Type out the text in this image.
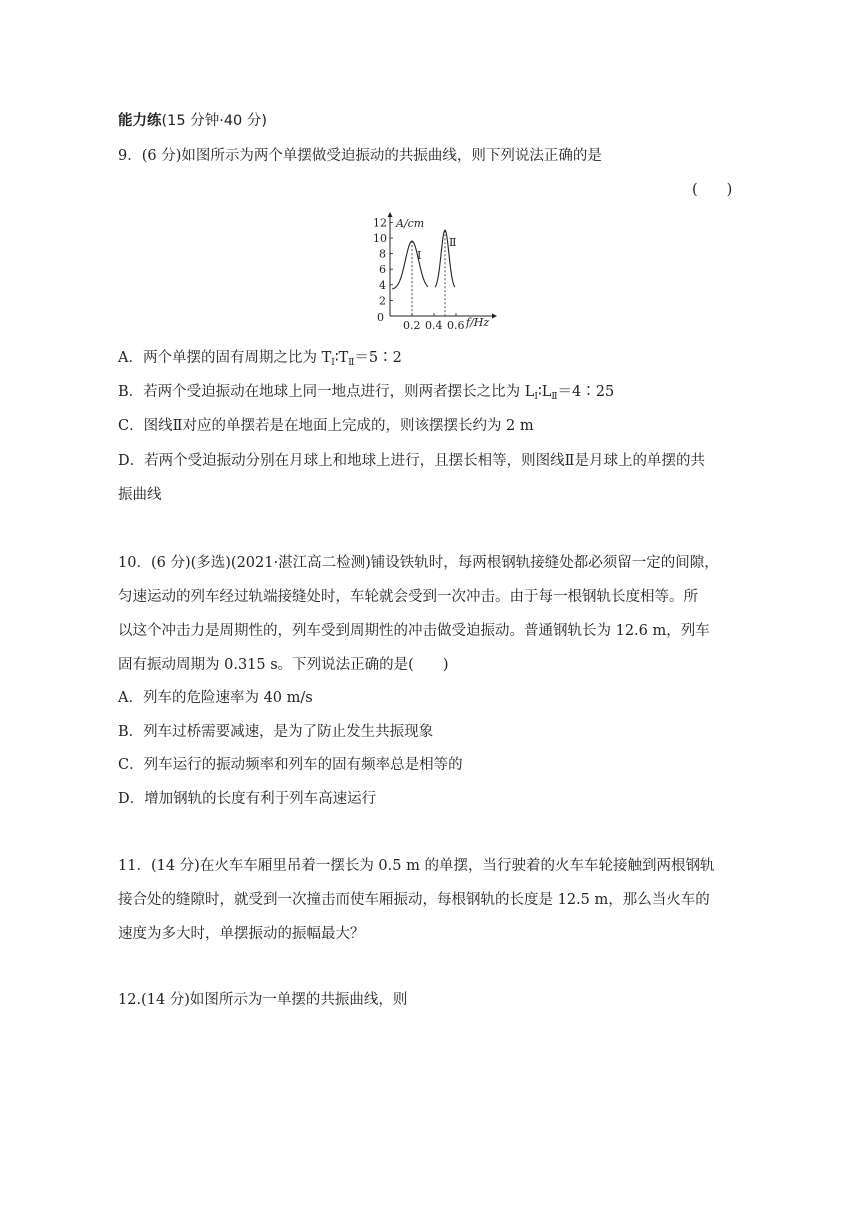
能力练(15 分钟·40 分)
9．(6 分)如图所示为两个单摆做受迫振动的共振曲线，则下列说法正确的是
(　　)
2
4
6
8
10
12
0.2 0.4 0.6
A/cm
f/Hz
0
Ⅰ
Ⅱ
A．两个单摆的固有周期之比为 $T_Ⅰ∶T_Ⅱ=5∶2$
B．若两个受迫振动在地球上同一地点进行，则两者摆长之比为 $L_Ⅰ∶L_Ⅱ=4∶25$
C．图线Ⅱ对应的单摆若是在地面上完成的，则该摆摆长约为 2 m
D．若两个受迫振动分别在月球上和地球上进行，且摆长相等，则图线Ⅱ是月球上的单摆的共
振曲线
10．(6 分)(多选)(2021·湛江高二检测)铺设铁轨时，每两根钢轨接缝处都必须留一定的间隙，
匀速运动的列车经过轨端接缝处时，车轮就会受到一次冲击。由于每一根钢轨长度相等。所
以这个冲击力是周期性的，列车受到周期性的冲击做受迫振动。普通钢轨长为 12.6 m，列车
固有振动周期为 0.315 s。下列说法正确的是(　　)
A．列车的危险速率为 40 m/s
B．列车过桥需要减速，是为了防止发生共振现象
C．列车运行的振动频率和列车的固有频率总是相等的
D．增加钢轨的长度有利于列车高速运行
11．(14 分)在火车车厢里吊着一摆长为 0.5 m 的单摆，当行驶着的火车车轮接触到两根钢轨
接合处的缝隙时，就受到一次撞击而使车厢振动，每根钢轨的长度是 12.5 m，那么当火车的
速度为多大时，单摆振动的振幅最大？
12.(14 分)如图所示为一单摆的共振曲线，则
